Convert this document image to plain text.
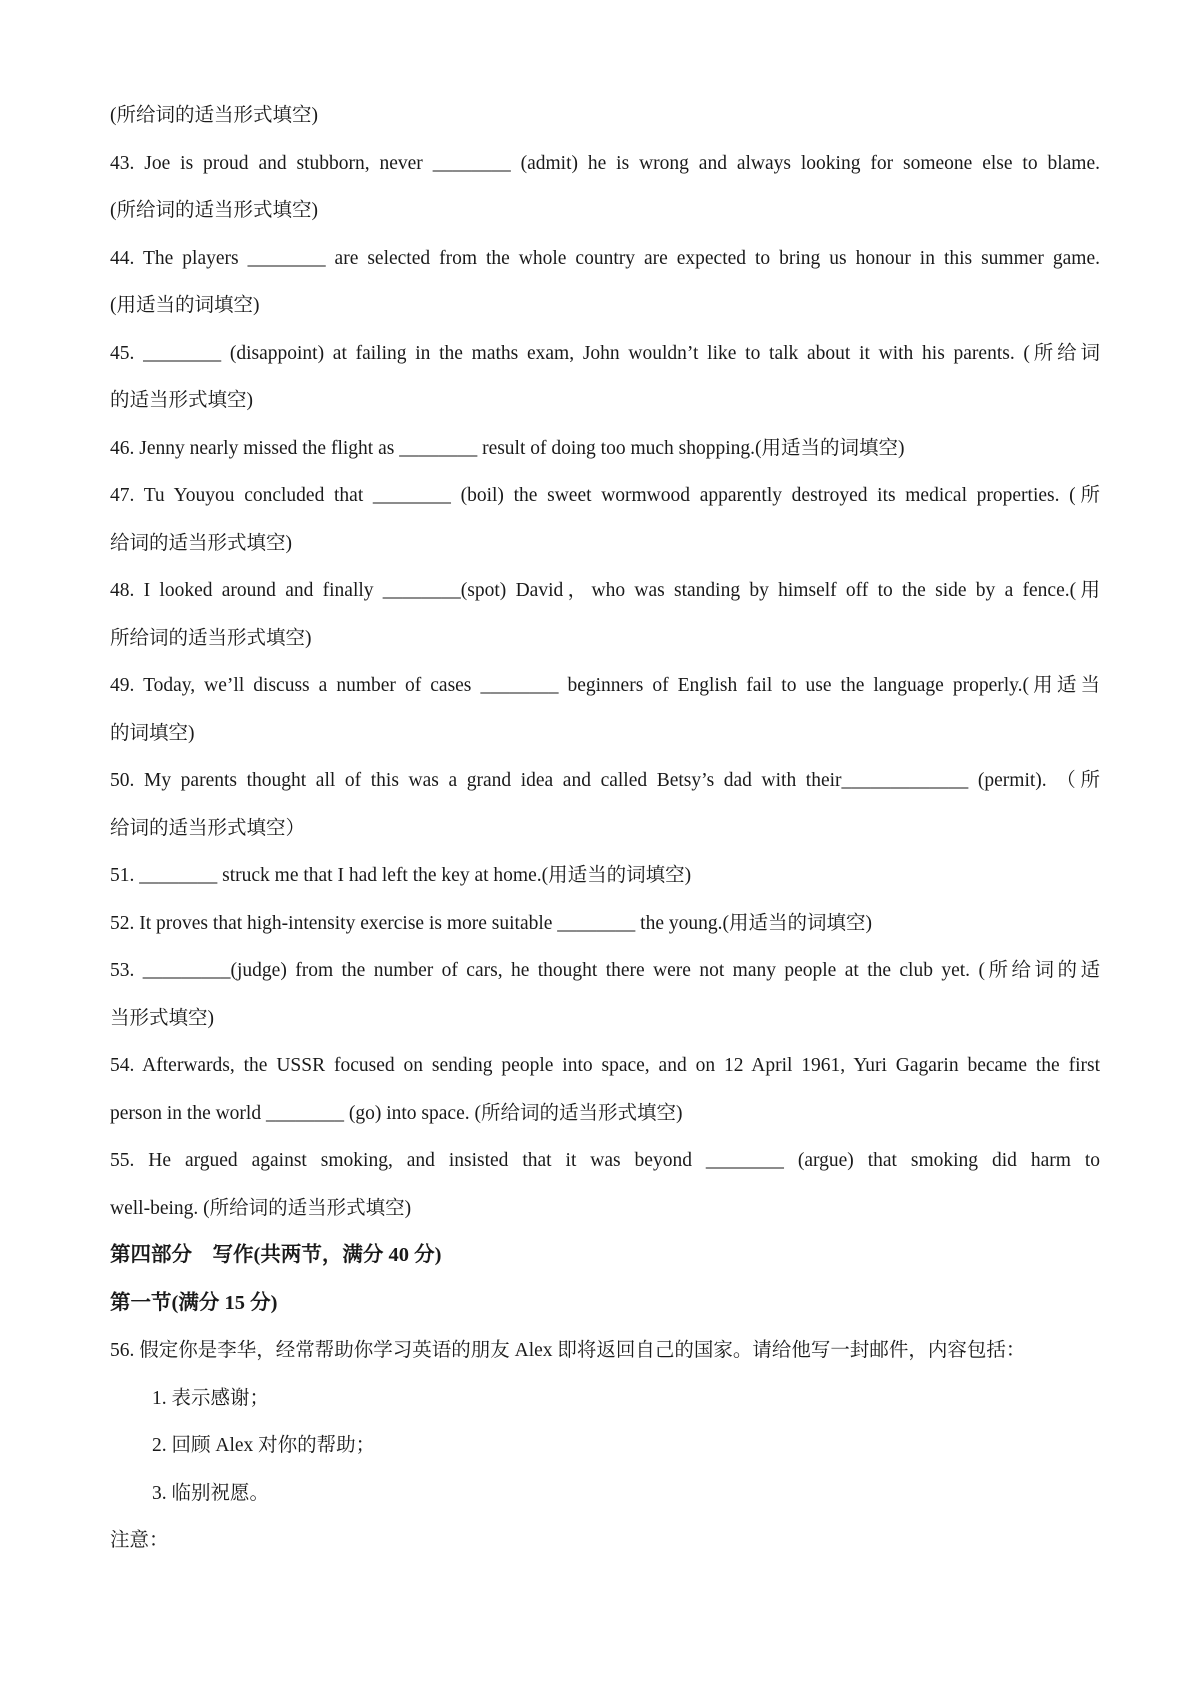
(所给词的适当形式填空)
43. Joe is proud and stubborn, never ________ (admit) he is wrong and always looking for someone else to blame.
(所给词的适当形式填空)
44. The players ________ are selected from the whole country are expected to bring us honour in this summer game.
(用适当的词填空)
45. ________ (disappoint) at failing in the maths exam, John wouldn’t like to talk about it with his parents. (所给词
的适当形式填空)
46. Jenny nearly missed the flight as ________ result of doing too much shopping.(用适当的词填空)
47. Tu Youyou concluded that ________ (boil) the sweet wormwood apparently destroyed its medical properties. (所
给词的适当形式填空)
48. I looked around and finally ________(spot) David，who was standing by himself off to the side by a fence.(用
所给词的适当形式填空)
49. Today, we’ll discuss a number of cases ________ beginners of English fail to use the language properly.(用适当
的词填空)
50. My parents thought all of this was a grand idea and called Betsy’s dad with their_____________ (permit). （所
给词的适当形式填空）
51. ________ struck me that I had left the key at home.(用适当的词填空)
52. It proves that high-intensity exercise is more suitable ________ the young.(用适当的词填空)
53. _________(judge) from the number of cars, he thought there were not many people at the club yet. (所给词的适
当形式填空)
54. Afterwards, the USSR focused on sending people into space, and on 12 April 1961, Yuri Gagarin became the first
person in the world ________ (go) into space. (所给词的适当形式填空)
55. He argued against smoking, and insisted that it was beyond ________ (argue) that smoking did harm to
well-being. (所给词的适当形式填空)
第四部分　写作(共两节，满分 40 分)
第一节(满分 15 分)
56. 假定你是李华，经常帮助你学习英语的朋友 Alex 即将返回自己的国家。请给他写一封邮件，内容包括：
1. 表示感谢；
2. 回顾 Alex 对你的帮助；
3. 临别祝愿。
注意：
